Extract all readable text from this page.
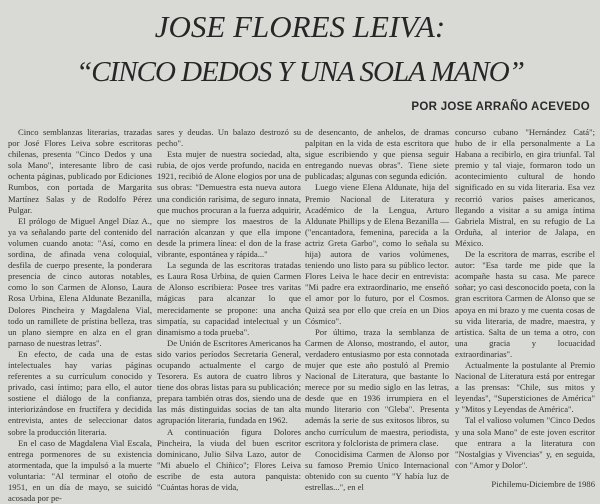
JOSE FLORES LEIVA:
“CINCO DEDOS Y UNA SOLA MANO”
POR JOSE ARRAÑO ACEVEDO

Cinco semblanzas literarias, trazadas por José Flores Leiva sobre escritoras chilenas, presenta "Cinco Dedos y una sola Mano", interesante libro de casi ochenta páginas, publicado por Ediciones Rumbos, con portada de Margarita Martínez Salas y de Rodolfo Pérez Pulgar.

El prólogo de Miguel Angel Díaz A., ya va señalando parte del contenido del volumen cuando anota: "Así, como en sordina, de afinada vena coloquial, desfila de cuerpo presente, la ponderara presencia de cinco autoras notables, como lo son Carmen de Alonso, Laura Rosa Urbina, Elena Aldunate Bezanilla, Dolores Pincheira y Magdalena Vial, todo un ramillete de prístina belleza, tras un plano siempre en alza en el gran parnaso de nuestras letras".

En efecto, de cada una de estas intelectuales hay varias páginas referentes a su currículum conocido y privado, casi íntimo; para ello, el autor sostiene el diálogo de la confianza, interiorizándose en fructífera y decidida entrevista, antes de seleccionar datos sobre la producción literaria.

En el caso de Magdalena Vial Escala, entrega pormenores de su existencia atormentada, que la impulsó a la muerte voluntaria: "Al terminar el otoño de 1951, en un día de mayo, se suicidó acosada por pe-

sares y deudas. Un balazo destrozó su pecho".

Esta mujer de nuestra sociedad, alta, rubia, de ojos verde profundo, nacida en 1921, recibió de Alone elogios por una de sus obras: "Demuestra esta nueva autora una condición rarísima, de seguro innata, que muchos procuran a la fuerza adquirir, que no siempre los maestros de la narración alcanzan y que ella impone desde la primera línea: el don de la frase vibrante, espontánea y rápida..."

La segunda de las escritoras tratadas es Laura Rosa Urbina, de quien Carmen de Alonso escribiera: Posee tres varitas mágicas para alcanzar lo que merecidamente se propone: una ancha simpatía, su capacidad intelectual y un dinamismo a toda prueba".

De Unión de Escritores Americanos ha sido varios períodos Secretaria General, ocupando actualmente el cargo de Tesorera. Es autora de cuatro libros y tiene dos obras listas para su publicación; prepara también otras dos, siendo una de las más distinguidas socias de tan alta agrupación literaria, fundada en 1962.

A continuación figura Dolores Pincheira, la viuda del buen escritor dominicano, Julio Silva Lazo, autor de "Mi abuelo el Chiñico"; Flores Leiva escribe de esta autora panquista: "Cuántas horas de vida,

de desencanto, de anhelos, de dramas palpitan en la vida de esta escritora que sigue escribiendo y que piensa seguir entregando nuevas obras". Tiene siete publicadas; algunas con segunda edición.

Luego viene Elena Aldunate, hija del Premio Nacional de Literatura y Académico de la Lengua, Arturo Aldunate Phillips y de Elena Bezanilla — ("encantadora, femenina, parecida a la actriz Greta Garbo", como lo señala su hija) autora de varios volúmenes, teniendo uno listo para su público lector. Flores Leiva le hace decir en entrevista: "Mi padre era extraordinario, me enseñó el amor por lo futuro, por el Cosmos. Quizá sea por ello que creía en un Dios Cósmico".

Por último, traza la semblanza de Carmen de Alonso, mostrando, el autor, verdadero entusiasmo por esta connotada mujer que este año postuló al Premio Nacional de Literatura, que bastante lo merece por su medio siglo en las letras, desde que en 1936 irrumpiera en el mundo literario con "Gleba". Presenta además la serie de sus exitosos libros, su ancho currículum de maestra, periodista, escritora y folclorista de primera clase.

Conocidísima Carmen de Alonso por su famoso Premio Unico Internacional obtenido con su cuento "Y había luz de estrellas...", en el

concurso cubano "Hernández Catá"; hubo de ir ella personalmente a La Habana a recibirlo, en gira triunfal. Tal premio y tal viaje, formaron todo un acontecimiento cultural de hondo significado en su vida literaria. Esa vez recorrió varios países americanos, llegando a visitar a su amiga íntima Gabriela Mistral, en su refugio de La Orduña, al interior de Jalapa, en México.

De la escritora de marras, escribe el autor: "Esa tarde me pide que la acompañe hasta su casa. Me parece soñar; yo casi desconocido poeta, con la gran escritora Carmen de Alonso que se apoya en mi brazo y me cuenta cosas de su vida literaria, de madre, maestra, y artística. Salta de un tema a otro, con una gracia y locuacidad extraordinarias".

Actualmente la postulante al Premio Nacional de Literatura está por entregar a las prensas: "Chile, sus mitos y leyendas", "Supersticiones de América" y "Mitos y Leyendas de América".

Tal el valioso volumen "Cinco Dedos y una sola Mano" de este joven escritor que entrara a la literatura con "Nostalgias y Vivencias" y, en seguida, con "Amor y Dolor".

Pichilemu-Diciembre de 1986
